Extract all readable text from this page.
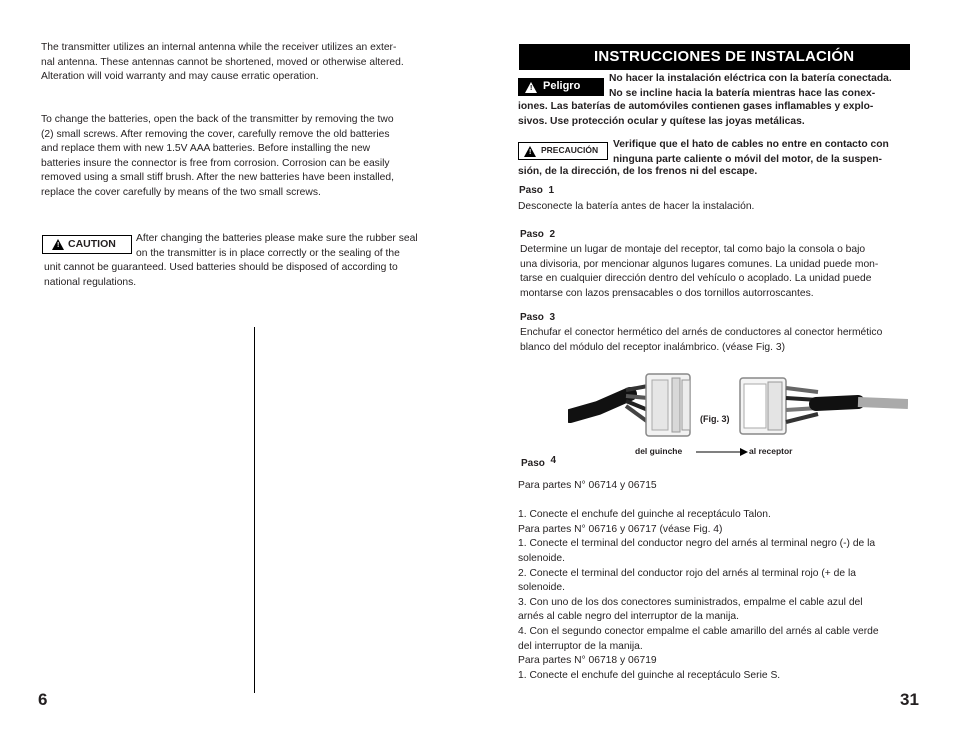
The transmitter utilizes an internal antenna while the receiver utilizes an exter-
nal antenna. These antennas cannot be shortened, moved or otherwise altered.
Alteration will void warranty and may cause erratic operation.
To change the batteries, open the back of the transmitter by removing the two
(2) small screws. After removing the cover, carefully remove the old batteries
and replace them with new 1.5V AAA batteries. Before installing the new
batteries insure the connector is free from corrosion. Corrosion can be easily
removed using a small stiff brush. After the new batteries have been installed,
replace the cover carefully by means of the two small screws.
! CAUTION After changing the batteries please make sure the rubber seal
on the transmitter is in place correctly or the sealing of the
unit cannot be guaranteed. Used batteries should be disposed of according to
national regulations.
6
INSTRUCCIONES DE INSTALACIÓN
! Peligro
No hacer la instalación eléctrica con la batería conectada.
No se incline hacia la batería mientras hace las conex-
iones. Las baterías de automóviles contienen gases inflamables y explo-
sivos. Use protección ocular y quítese las joyas metálicas.
! PRECAUCIÓN Verifique que el hato de cables no entre en contacto con
ninguna parte caliente o móvil del motor, de la suspen-
sión, de la dirección, de los frenos ni del escape.
Paso 1
Desconecte la batería antes de hacer la instalación.
Paso 2
Determine un lugar de montaje del receptor, tal como bajo la consola o bajo
una divisoria, por mencionar algunos lugares comunes. La unidad puede mon-
tarse en cualquier dirección dentro del vehículo o acoplado. La unidad puede
montarse con lazos prensacables o dos tornillos autorroscantes.
Paso 3
Enchufar el conector hermético del arnés de conductores al conector hermético
blanco del módulo del receptor inalámbrico. (véase Fig. 3)
(Fig. 3)
del guinche	al receptor
Paso 4
Para partes N° 06714 y 06715
1. Conecte el enchufe del guinche al receptáculo Talon.
Para partes N° 06716 y 06717 (véase Fig. 4)
1. Conecte el terminal del conductor negro del arnés al terminal negro (-) de la
solenoide.
2. Conecte el terminal del conductor rojo del arnés al terminal rojo (+ de la
solenoide.
3. Con uno de los dos conectores suministrados, empalme el cable azul del
arnés al cable negro del interruptor de la manija.
4. Con el segundo conector empalme el cable amarillo del arnés al cable verde
del interruptor de la manija.
Para partes N° 06718 y 06719
1. Conecte el enchufe del guinche al receptáculo Serie S.
31
